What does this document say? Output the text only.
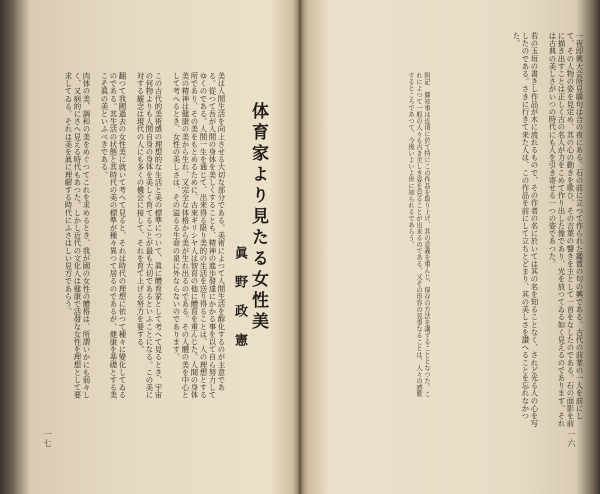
美は人間生活を向上させる大切な部分である。美術によつて人間生活を醇化するのが主意である。從つて吾が人間の身体を美しくすることも、精神の進歩發達にかかる事を以て自ら努力してゆくのである。人間一生を通じて、出来得る限り美的の生活を送り得ることは、人の理想とする所であり、その美をもとめるために、古來ギリシヤ人は智育の他に體育を重んじた。人間の身体美の精神は健康の美から生れ、又完全な体格から美が生れ出るのである。その人體の美を中心として考へるとき、女性の美しさは、その溢るる生命の泉に外ならないのであります。

この古代的美術感の理想的な生活と美の標準について、眞に體育家として考へて見るとき、宇宙の何物よりも人間自身の身体を美しく育てることが最も大切であるといふことになる。この美に対する観念は現代の人にも多くの機会に接して、それを育て上げる努力を要する。

翻つて我國過去の女性美に就いて考へて見ると、それは時代の理想に依つて種々に變化してゐるのである。其生活の状態と其時代の美の標準が種々異つて居るのであるが、健康を基礎とする美こそ眞の美といふべきである。

肉体の美、調和の美をめぐつてこれを求めるとき、我が國の女性の體格は、所謂いかにも弱々しく、又病的にさへ見える時代もあつた。しかし近代の文化人は健康で活發な女性を理想として要求してゐる。それは美を眞に理解する時代にふさはしい見方であらう。	体育家より見たる女性美
眞野政憲
一七
一夜即興大会所見聯句は合の夜にある。石の前に立つて作られた鑑賞の句の興である。古代の前業の一人を前にして、その人物の姿を見定め、其の心の動きを歌ひ、その言葉の響きを主として一首をなしたのである。石の面影を前に描き出すことは正しく古の名人が力をこめて作り出した像であり、光を放つてゐる如く見えるのであります。それは古典の美しさがいつの時代にも人を引き寄せる一つの姿であつた。

若の玉垣の書きし作品が木に流れるもので、その作者の名に於いては其の名を知ることなく、されど光る人の心を写したのである。さきに行きて来た人は、この作品を前にして立ちとどまり、其の美しさを讃へることを忘れなかつた。
附記　縣知事は近頃に於て特にこの作品を取り上げ、其の意義を重んじ、保存の方法を講ずることとなつた。これによつて一般の人々も古き美しき姿を見ることが出来るのである。又その形容の見事なることは、人々の感歎するところであつて、今後いよいよ世に知られるであらう。
一六
